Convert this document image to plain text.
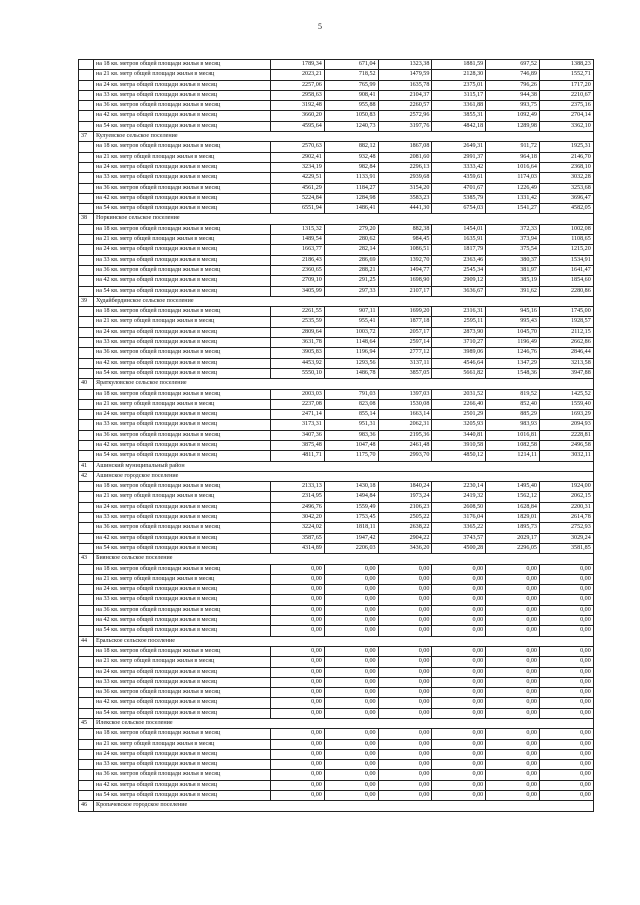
5
	на 18 кв. метров общей площади жилья в месяц	1789,34	671,04	1323,38	1881,59	697,52	1388,23
	на 21 кв. метр общей площади жилья в месяц	2023,21	718,52	1479,59	2128,30	746,89	1552,71
	на 24 кв. метра общей площади жилья в месяц	2257,06	765,99	1635,78	2375,01	796,26	1717,20
	на 33 кв. метра общей площади жилья в месяц	2958,63	908,41	2104,37	3115,17	944,38	2210,67
	на 36 кв. метров общей площади жилья в месяц	3192,48	955,88	2260,57	3361,88	993,75	2375,16
	на 42 кв. метра общей площади жилья в месяц	3660,20	1050,83	2572,96	3855,31	1092,49	2704,14
	на 54 кв. метра общей площади жилья в месяц	4595,64	1240,73	3197,76	4842,18	1289,98	3362,10
37	Кулуевское сельское поселение						
	на 18 кв. метров общей площади жилья в месяц	2570,63	882,12	1867,08	2649,31	911,72	1925,31
	на 21 кв. метр общей площади жилья в месяц	2902,41	932,48	2081,60	2991,37	964,18	2146,70
	на 24 кв. метра общей площади жилья в месяц	3234,19	982,84	2296,13	3333,42	1016,64	2368,10
	на 33 кв. метра общей площади жилья в месяц	4229,51	1133,91	2939,68	4359,61	1174,03	3032,28
	на 36 кв. метров общей площади жилья в месяц	4561,29	1184,27	3154,20	4701,67	1226,49	3253,68
	на 42 кв. метра общей площади жилья в месяц	5224,84	1284,98	3583,23	5385,79	1331,42	3696,47
	на 54 кв. метра общей площади жилья в месяц	6551,94	1486,41	4441,30	6754,03	1541,27	4582,05
38	Норкинское сельское поселение						
	на 18 кв. метров общей площади жилья в месяц	1315,32	279,20	882,38	1454,01	372,33	1002,08
	на 21 кв. метр общей площади жилья в месяц	1489,54	280,62	984,45	1635,91	373,94	1108,65
	на 24 кв. метра общей площади жилья в месяц	1663,77	282,14	1086,51	1817,79	375,54	1215,20
	на 33 кв. метра общей площади жилья в месяц	2186,43	286,69	1392,70	2363,46	380,37	1534,91
	на 36 кв. метров общей площади жилья в месяц	2360,65	288,21	1494,77	2545,34	381,97	1641,47
	на 42 кв. метра общей площади жилья в месяц	2709,10	291,25	1698,90	2909,12	385,19	1854,60
	на 54 кв. метра общей площади жилья в месяц	3405,99	297,33	2107,17	3636,67	391,62	2280,86
39	Худайбердинское сельское поселение						
	на 18 кв. метров общей площади жилья в месяц	2261,55	907,11	1699,20	2316,31	945,16	1745,00
	на 21 кв. метр общей площади жилья в месяц	2535,59	955,41	1877,18	2595,11	995,43	1928,57
	на 24 кв. метра общей площади жилья в месяц	2809,64	1003,72	2057,17	2873,90	1045,70	2112,15
	на 33 кв. метра общей площади жилья в месяц	3631,78	1148,64	2597,14	3710,27	1196,49	2662,86
	на 36 кв. метров общей площади жилья в месяц	3905,83	1196,94	2777,12	3989,06	1246,76	2846,44
	на 42 кв. метра общей площади жилья в месяц	4453,92	1293,56	3137,11	4546,64	1347,29	3213,58
	на 54 кв. метра общей площади жилья в месяц	5550,10	1486,78	3857,05	5661,82	1548,36	3947,88
40	Яраткуловское сельское поселение						
	на 18 кв. метров общей площади жилья в месяц	2003,03	791,03	1397,03	2031,52	819,52	1425,52
	на 21 кв. метр общей площади жилья в месяц	2237,08	823,08	1530,08	2266,40	852,40	1559,40
	на 24 кв. метра общей площади жилья в месяц	2471,14	855,14	1663,14	2501,29	885,29	1693,29
	на 33 кв. метра общей площади жилья в месяц	3173,31	951,31	2062,31	3205,93	983,93	2094,93
	на 36 кв. метров общей площади жилья в месяц	3407,36	983,36	2195,36	3440,81	1016,81	2228,81
	на 42 кв. метра общей площади жилья в месяц	3875,48	1047,48	2461,48	3910,58	1082,58	2496,58
	на 54 кв. метра общей площади жилья в месяц	4811,71	1175,70	2993,70	4850,12	1214,11	3032,11
41	Ашинский муниципальный район						
42	Ашинское городское поселение						
	на 18 кв. метров общей площади жилья в месяц	2133,13	1430,18	1840,24	2230,14	1495,40	1924,00
	на 21 кв. метр общей площади жилья в месяц	2314,95	1494,84	1973,24	2419,32	1562,12	2062,15
	на 24 кв. метра общей площади жилья в месяц	2496,76	1559,49	2106,23	2608,50	1628,84	2200,31
	на 33 кв. метра общей площади жилья в месяц	3042,20	1753,45	2505,22	3176,04	1829,01	2614,78
	на 36 кв. метров общей площади жилья в месяц	3224,02	1818,11	2638,22	3365,22	1895,73	2752,93
	на 42 кв. метра общей площади жилья в месяц	3587,65	1947,42	2904,22	3743,57	2029,17	3029,24
	на 54 кв. метра общей площади жилья в месяц	4314,89	2206,03	3436,20	4500,28	2296,05	3581,85
43	Биянское сельское поселение						
	на 18 кв. метров общей площади жилья в месяц	0,00	0,00	0,00	0,00	0,00	0,00
	на 21 кв. метр общей площади жилья в месяц	0,00	0,00	0,00	0,00	0,00	0,00
	на 24 кв. метра общей площади жилья в месяц	0,00	0,00	0,00	0,00	0,00	0,00
	на 33 кв. метра общей площади жилья в месяц	0,00	0,00	0,00	0,00	0,00	0,00
	на 36 кв. метров общей площади жилья в месяц	0,00	0,00	0,00	0,00	0,00	0,00
	на 42 кв. метра общей площади жилья в месяц	0,00	0,00	0,00	0,00	0,00	0,00
	на 54 кв. метра общей площади жилья в месяц	0,00	0,00	0,00	0,00	0,00	0,00
44	Еральское сельское поселение						
	на 18 кв. метров общей площади жилья в месяц	0,00	0,00	0,00	0,00	0,00	0,00
	на 21 кв. метр общей площади жилья в месяц	0,00	0,00	0,00	0,00	0,00	0,00
	на 24 кв. метра общей площади жилья в месяц	0,00	0,00	0,00	0,00	0,00	0,00
	на 33 кв. метра общей площади жилья в месяц	0,00	0,00	0,00	0,00	0,00	0,00
	на 36 кв. метров общей площади жилья в месяц	0,00	0,00	0,00	0,00	0,00	0,00
	на 42 кв. метра общей площади жилья в месяц	0,00	0,00	0,00	0,00	0,00	0,00
	на 54 кв. метра общей площади жилья в месяц	0,00	0,00	0,00	0,00	0,00	0,00
45	Илекское сельское поселение						
	на 18 кв. метров общей площади жилья в месяц	0,00	0,00	0,00	0,00	0,00	0,00
	на 21 кв. метр общей площади жилья в месяц	0,00	0,00	0,00	0,00	0,00	0,00
	на 24 кв. метра общей площади жилья в месяц	0,00	0,00	0,00	0,00	0,00	0,00
	на 33 кв. метра общей площади жилья в месяц	0,00	0,00	0,00	0,00	0,00	0,00
	на 36 кв. метров общей площади жилья в месяц	0,00	0,00	0,00	0,00	0,00	0,00
	на 42 кв. метра общей площади жилья в месяц	0,00	0,00	0,00	0,00	0,00	0,00
	на 54 кв. метра общей площади жилья в месяц	0,00	0,00	0,00	0,00	0,00	0,00
46	Кропачевское городское поселение						
